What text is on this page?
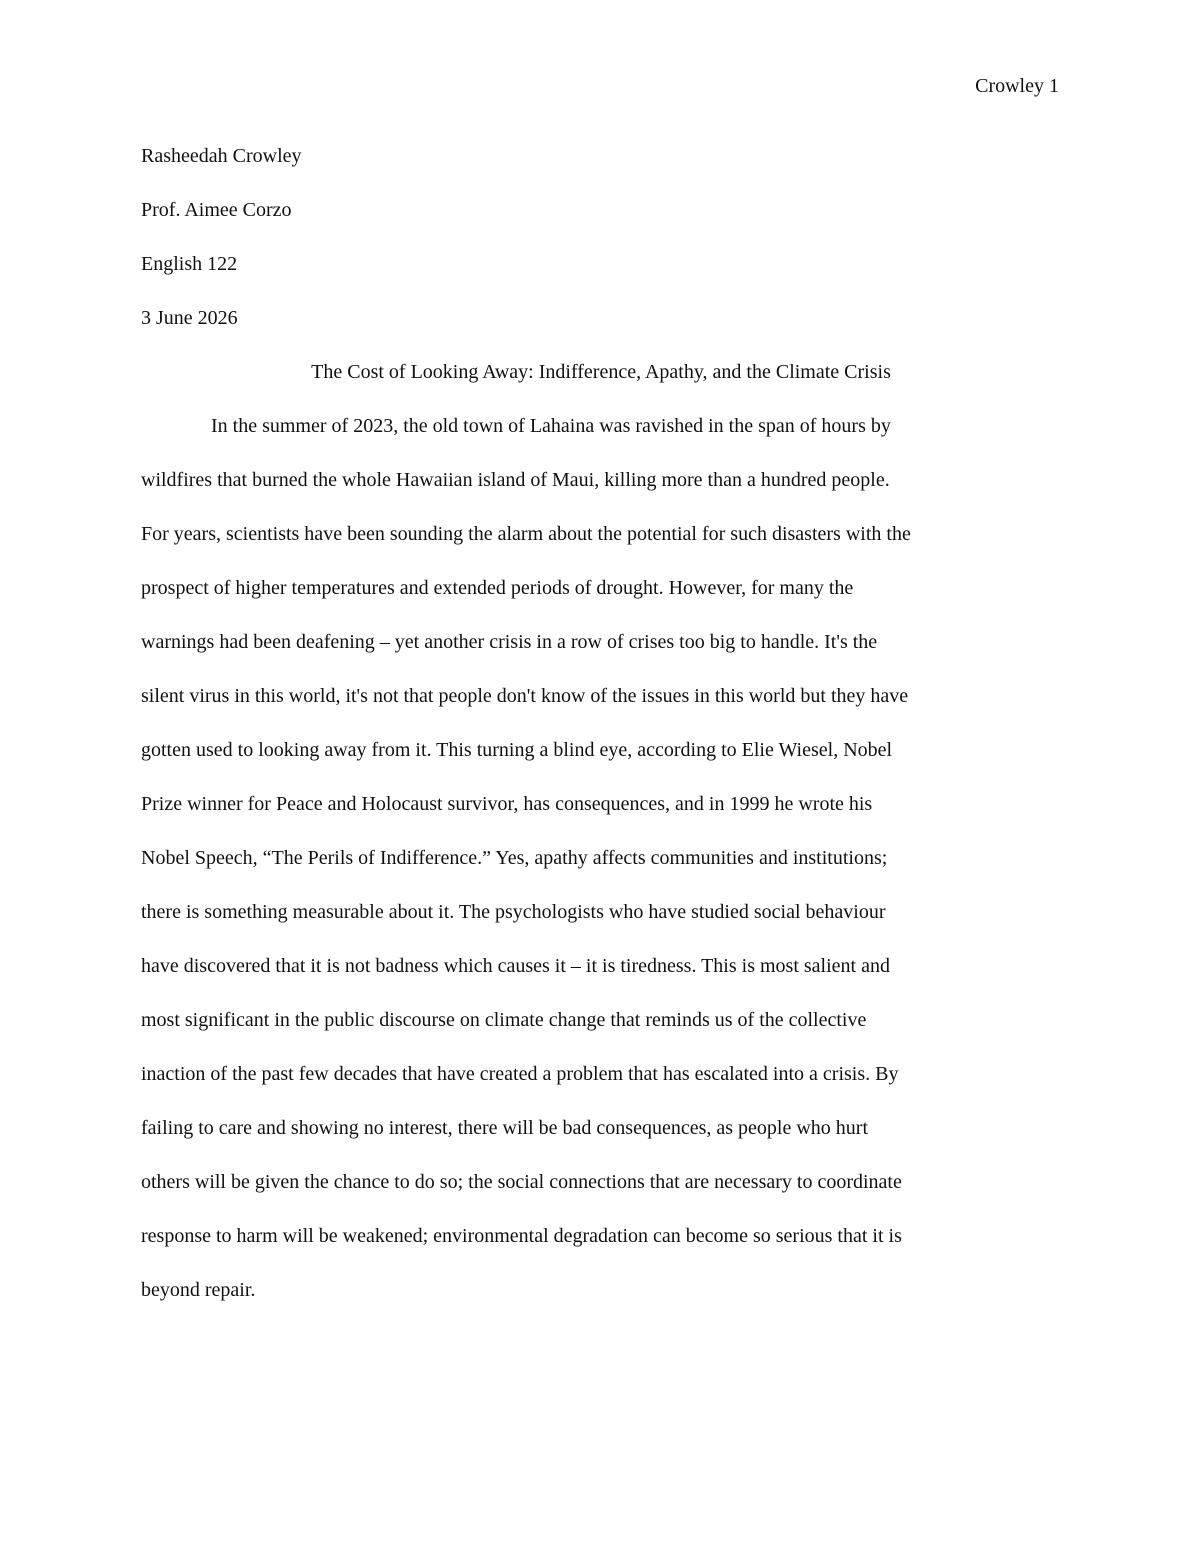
Crowley 1
Rasheedah Crowley
Prof. Aimee Corzo
English 122
3 June 2026
The Cost of Looking Away: Indifference, Apathy, and the Climate Crisis
In the summer of 2023, the old town of Lahaina was ravished in the span of hours by
wildfires that burned the whole Hawaiian island of Maui, killing more than a hundred people.
For years, scientists have been sounding the alarm about the potential for such disasters with the
prospect of higher temperatures and extended periods of drought. However, for many the
warnings had been deafening – yet another crisis in a row of crises too big to handle. It's the
silent virus in this world, it's not that people don't know of the issues in this world but they have
gotten used to looking away from it. This turning a blind eye, according to Elie Wiesel, Nobel
Prize winner for Peace and Holocaust survivor, has consequences, and in 1999 he wrote his
Nobel Speech, “The Perils of Indifference.” Yes, apathy affects communities and institutions;
there is something measurable about it. The psychologists who have studied social behaviour
have discovered that it is not badness which causes it – it is tiredness. This is most salient and
most significant in the public discourse on climate change that reminds us of the collective
inaction of the past few decades that have created a problem that has escalated into a crisis. By
failing to care and showing no interest, there will be bad consequences, as people who hurt
others will be given the chance to do so; the social connections that are necessary to coordinate
response to harm will be weakened; environmental degradation can become so serious that it is
beyond repair.
